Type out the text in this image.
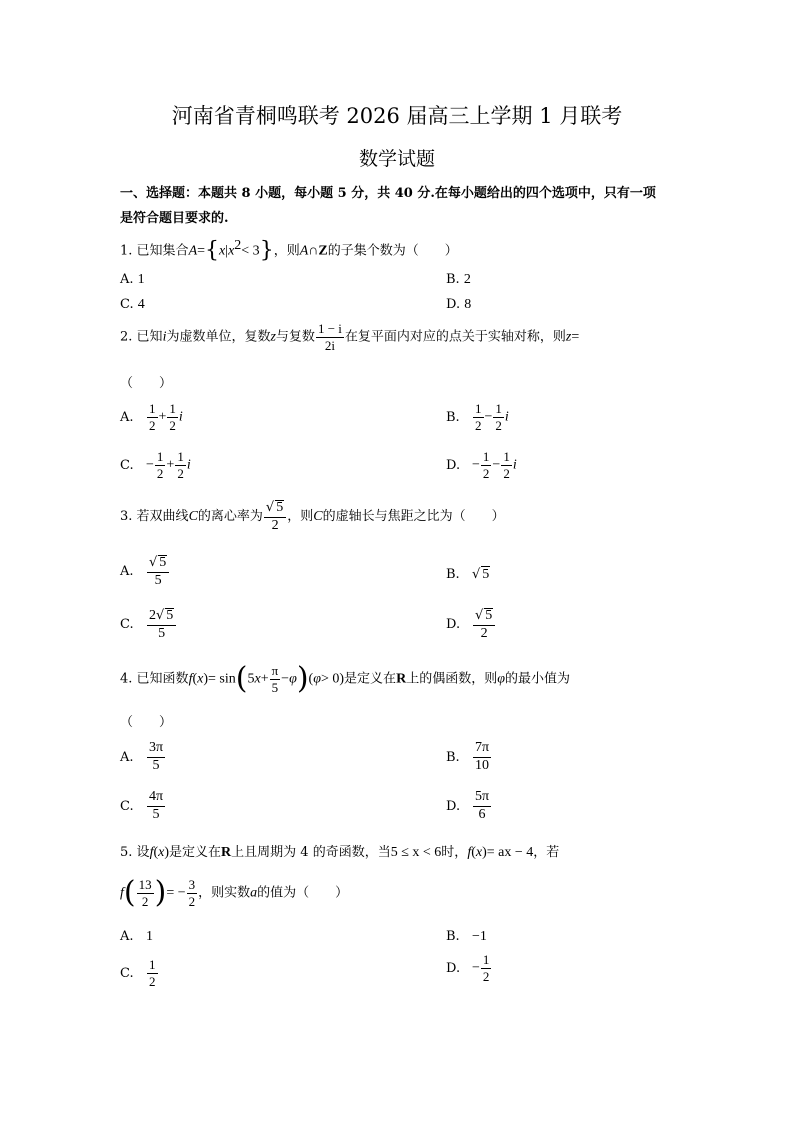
河南省青桐鸣联考 2026 届高三上学期 1 月联考
数学试题
一、选择题：本题共 8 小题，每小题 5 分，共 40 分.在每小题给出的四个选项中，只有一项
是符合题目要求的.
1. 已知集合$A=\{x|x^2< 3\}$，则A∩Z的子集个数为（　　）
A. 1	B. 2
C. 4	D. 8
2. 已知i为虚数单位，复数z与复数 $\frac{1 - i}{2i}$ 在复平面内对应的点关于实轴对称，则z=
（　　）
A. $\frac{1}{2} + \frac{1}{2}$ i	B. $\frac{1}{2} - \frac{1}{2}$ i
C. − $\frac{1}{2} + \frac{1}{2}$ i	D. − $\frac{1}{2} - \frac{1}{2}$ i
3. 若双曲线C的离心率为 $\frac{√ 5}{2}$ ，则C的虚轴长与焦距之比为（　　）
A. $\frac{√ 5}{5}$	B. √ 5
C. $\frac{2√ 5}{5}$	D. $\frac{√ 5}{2}$
4. 已知函数$f(x)= \sin(5x+ \frac{\pi}{5} -\varphi)(\varphi> 0)$是定义在R上的偶函数，则φ的最小值为
（　　）
A. $\frac{3\pi}{5}$	B. $\frac{7\pi}{10}$
C. $\frac{4\pi}{5}$	D. $\frac{5\pi}{6}$
5. 设f(x)是定义在R上且周期为 4 的奇函数，当5 ≤ x < 6时，f(x)= ax − 4，若
$f( \frac{13}{2}$ )= − $\frac{3}{2}$ ，则实数a的值为（　　）
A. 1	B. −1
C. $\frac{1}{2}$	D. − $\frac{1}{2}$
